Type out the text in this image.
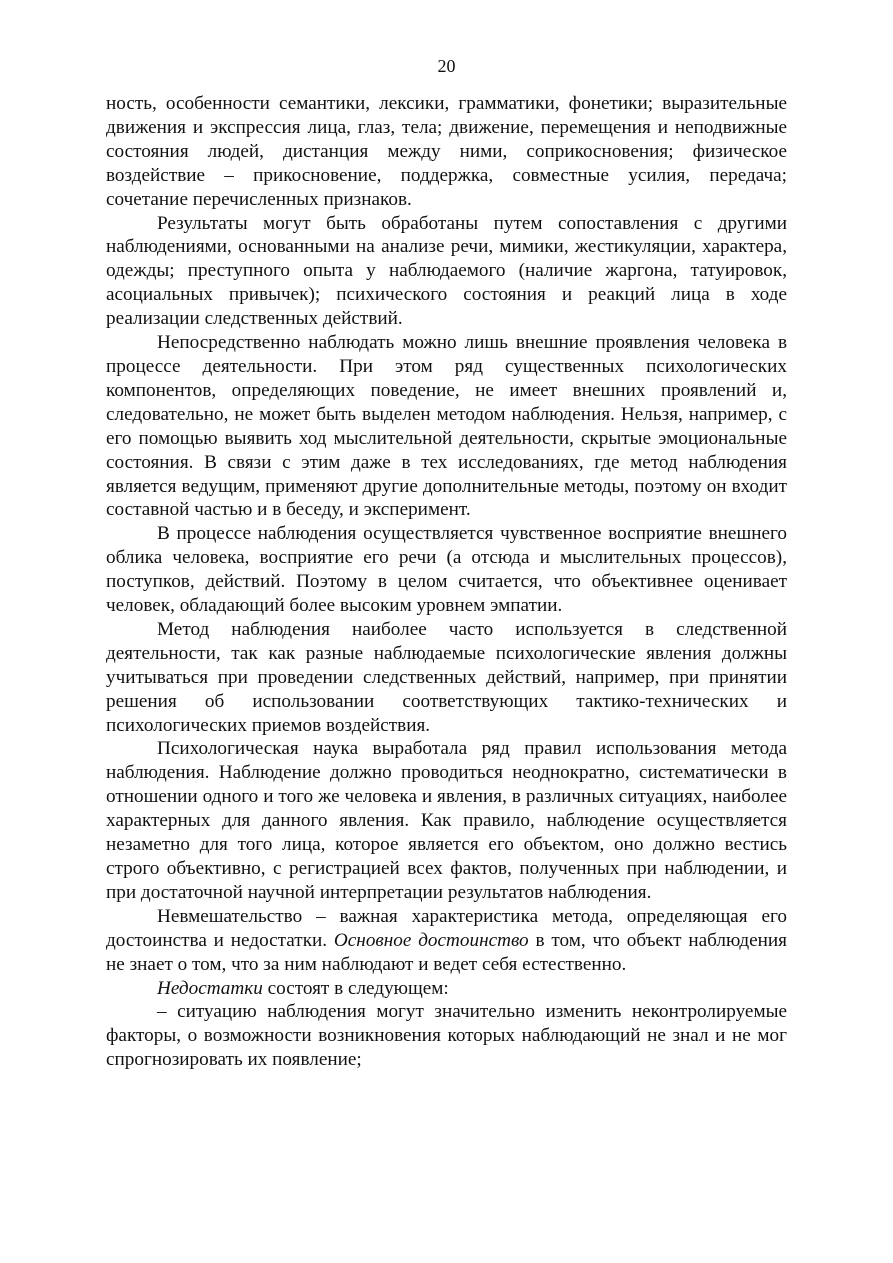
20

ность, особенности семантики, лексики, грамматики, фонетики; выразительные движения и экспрессия лица, глаз, тела; движение, перемещения и неподвижные состояния людей, дистанция между ними, соприкосновения; физическое воздействие – прикосновение, поддержка, совместные усилия, передача; сочетание перечисленных признаков.

Результаты могут быть обработаны путем сопоставления с другими наблюдениями, основанными на анализе речи, мимики, жестикуляции, характера, одежды; преступного опыта у наблюдаемого (наличие жаргона, татуировок, асоциальных привычек); психического состояния и реакций лица в ходе реализации следственных действий.

Непосредственно наблюдать можно лишь внешние проявления человека в процессе деятельности. При этом ряд существенных психологических компонентов, определяющих поведение, не имеет внешних проявлений и, следовательно, не может быть выделен методом наблюдения. Нельзя, например, с его помощью выявить ход мыслительной деятельности, скрытые эмоциональные состояния. В связи с этим даже в тех исследованиях, где метод наблюдения является ведущим, применяют другие дополнительные методы, поэтому он входит составной частью и в беседу, и эксперимент.

В процессе наблюдения осуществляется чувственное восприятие внешнего облика человека, восприятие его речи (а отсюда и мыслительных процессов), поступков, действий. Поэтому в целом считается, что объективнее оценивает человек, обладающий более высоким уровнем эмпатии.

Метод наблюдения наиболее часто используется в следственной деятельности, так как разные наблюдаемые психологические явления должны учитываться при проведении следственных действий, например, при принятии решения об использовании соответствующих тактико-технических и психологических приемов воздействия.

Психологическая наука выработала ряд правил использования метода наблюдения. Наблюдение должно проводиться неоднократно, систематически в отношении одного и того же человека и явления, в различных ситуациях, наиболее характерных для данного явления. Как правило, наблюдение осуществляется незаметно для того лица, которое является его объектом, оно должно вестись строго объективно, с регистрацией всех фактов, полученных при наблюдении, и при достаточной научной интерпретации результатов наблюдения.

Невмешательство – важная характеристика метода, определяющая его достоинства и недостатки. Основное достоинство в том, что объект наблюдения не знает о том, что за ним наблюдают и ведет себя естественно.

Недостатки состоят в следующем:

– ситуацию наблюдения могут значительно изменить неконтролируемые факторы, о возможности возникновения которых наблюдающий не знал и не мог спрогнозировать их появление;
